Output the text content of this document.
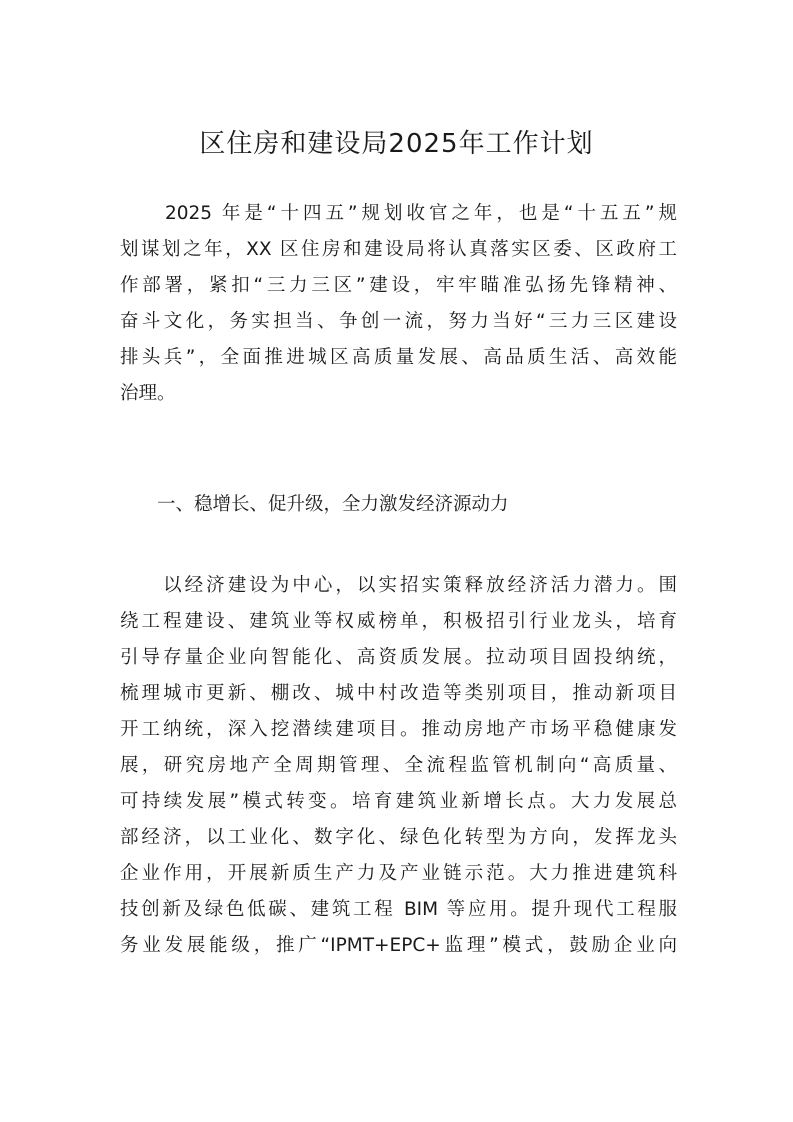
区住房和建设局2025年工作计划
　　2025 年是“十四五”规划收官之年，也是“十五五”规
划谋划之年，XX 区住房和建设局将认真落实区委、区政府工
作部署，紧扣“三力三区”建设，牢牢瞄准弘扬先锋精神、
奋斗文化，务实担当、争创一流，努力当好“三力三区建设
排头兵”，全面推进城区高质量发展、高品质生活、高效能
治理。
　　一、稳增长、促升级，全力激发经济源动力
　　以经济建设为中心，以实招实策释放经济活力潜力。围
绕工程建设、建筑业等权威榜单，积极招引行业龙头，培育
引导存量企业向智能化、高资质发展。拉动项目固投纳统，
梳理城市更新、棚改、城中村改造等类别项目，推动新项目
开工纳统，深入挖潜续建项目。推动房地产市场平稳健康发
展，研究房地产全周期管理、全流程监管机制向“高质量、
可持续发展”模式转变。培育建筑业新增长点。大力发展总
部经济，以工业化、数字化、绿色化转型为方向，发挥龙头
企业作用，开展新质生产力及产业链示范。大力推进建筑科
技创新及绿色低碳、建筑工程 BIM 等应用。提升现代工程服
务业发展能级，推广“IPMT+EPC+监理”模式，鼓励企业向
